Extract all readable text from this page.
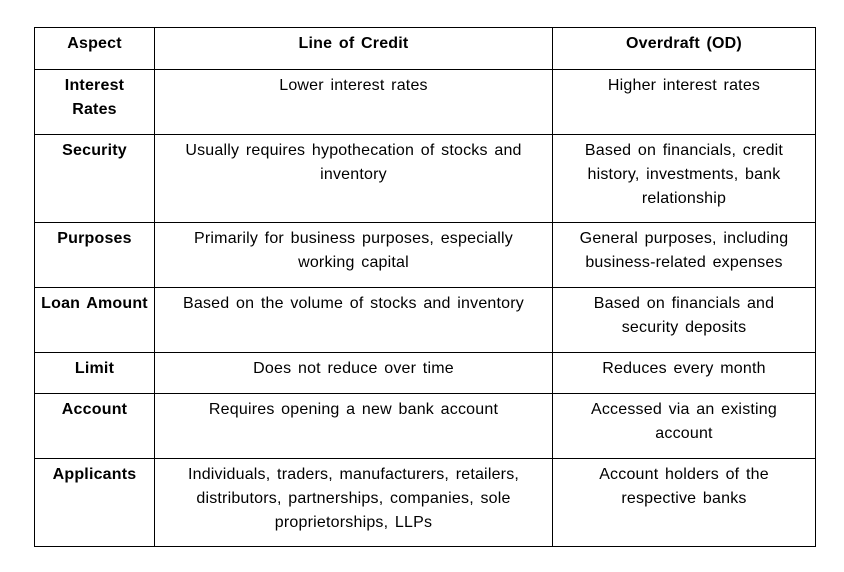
Aspect	Line of Credit	Overdraft (OD)
Interest Rates	Lower interest rates	Higher interest rates
Security	Usually requires hypothecation of stocks and inventory	Based on financials, credit history, investments, bank relationship
Purposes	Primarily for business purposes, especially working capital	General purposes, including business-related expenses
Loan Amount	Based on the volume of stocks and inventory	Based on financials and security deposits
Limit	Does not reduce over time	Reduces every month
Account	Requires opening a new bank account	Accessed via an existing account
Applicants	Individuals, traders, manufacturers, retailers, distributors, partnerships, companies, sole proprietorships, LLPs	Account holders of the respective banks
